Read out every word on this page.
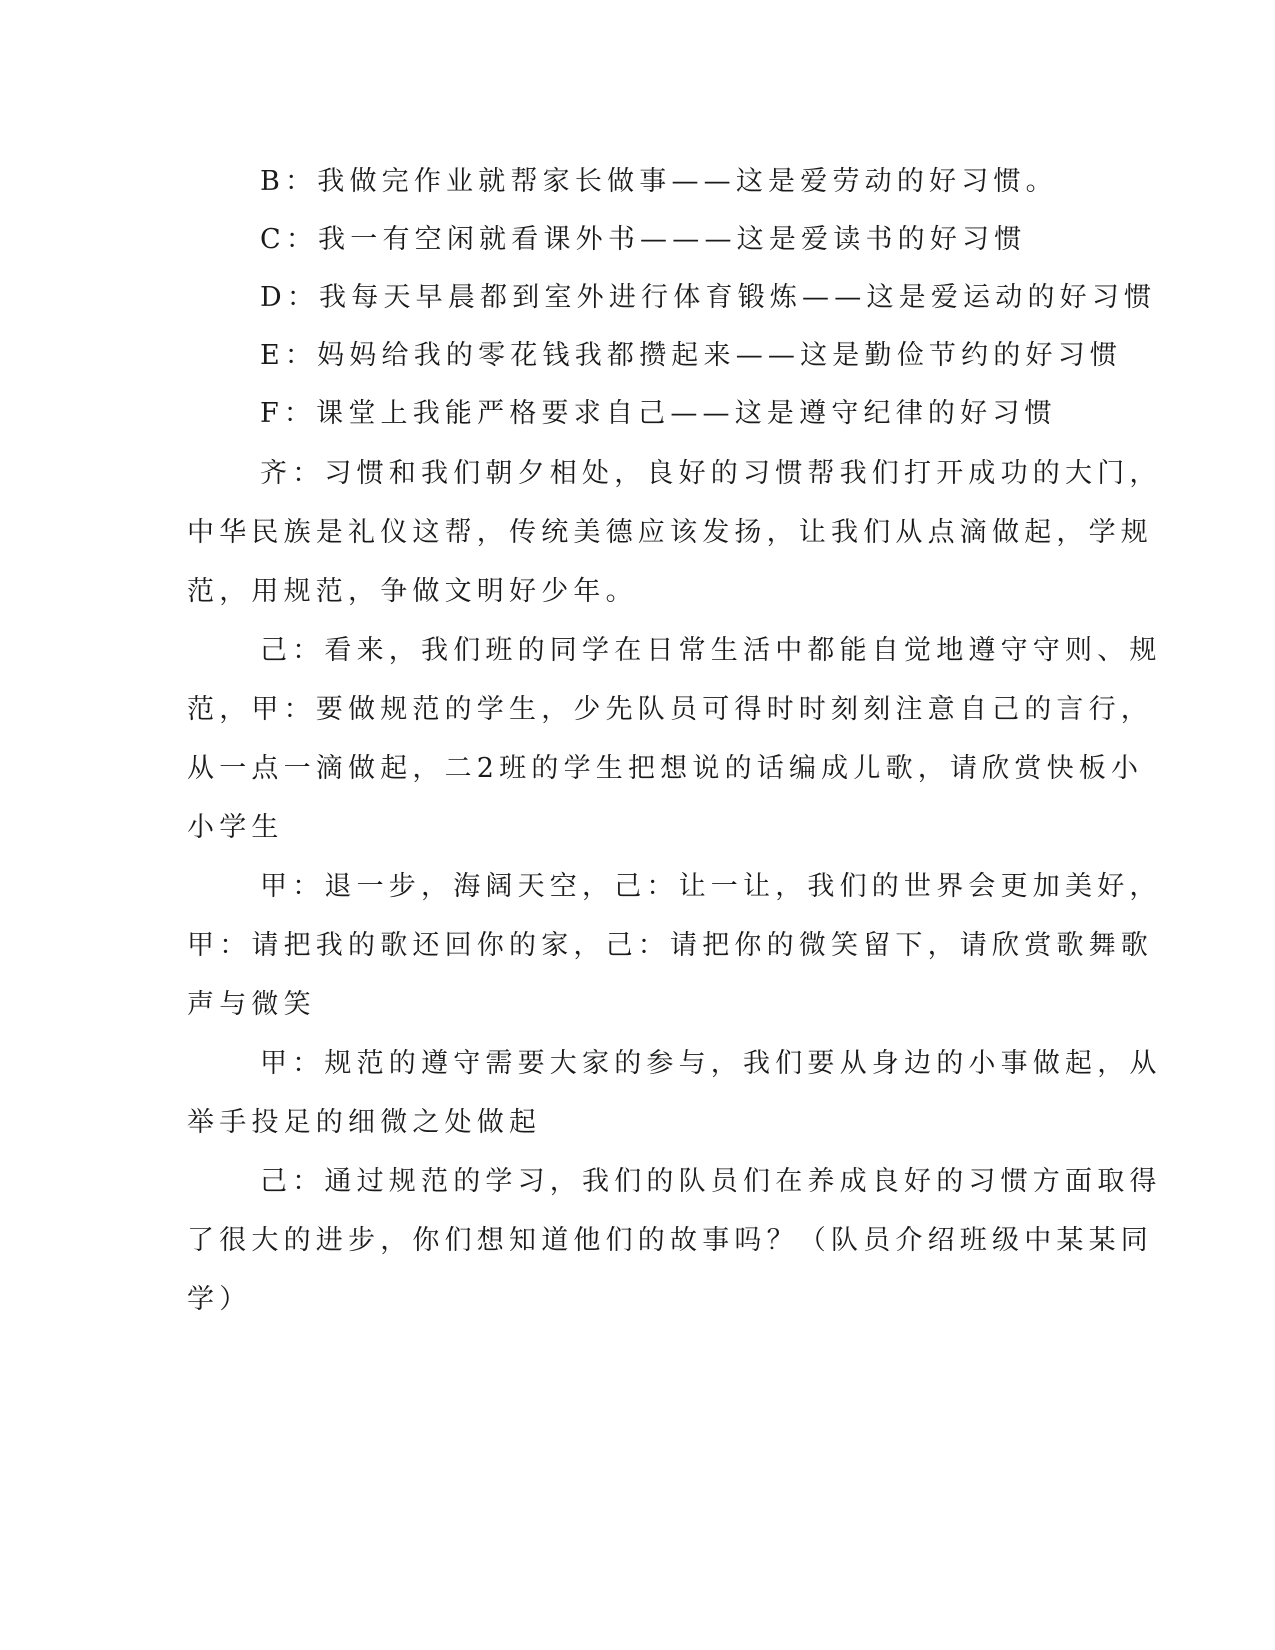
B：我做完作业就帮家长做事——这是爱劳动的好习惯。
C：我一有空闲就看课外书———这是爱读书的好习惯
D：我每天早晨都到室外进行体育锻炼——这是爱运动的好习惯
E：妈妈给我的零花钱我都攒起来——这是勤俭节约的好习惯
F：课堂上我能严格要求自己——这是遵守纪律的好习惯
齐：习惯和我们朝夕相处，良好的习惯帮我们打开成功的大门，
中华民族是礼仪这帮，传统美德应该发扬，让我们从点滴做起，学规
范，用规范，争做文明好少年。
己：看来，我们班的同学在日常生活中都能自觉地遵守守则、规
范，甲：要做规范的学生，少先队员可得时时刻刻注意自己的言行，
从一点一滴做起，二2班的学生把想说的话编成儿歌，请欣赏快板小
小学生
甲：退一步，海阔天空，己：让一让，我们的世界会更加美好，
甲：请把我的歌还回你的家，己：请把你的微笑留下，请欣赏歌舞歌
声与微笑
甲：规范的遵守需要大家的参与，我们要从身边的小事做起，从
举手投足的细微之处做起
己：通过规范的学习，我们的队员们在养成良好的习惯方面取得
了很大的进步，你们想知道他们的故事吗？（队员介绍班级中某某同
学）
